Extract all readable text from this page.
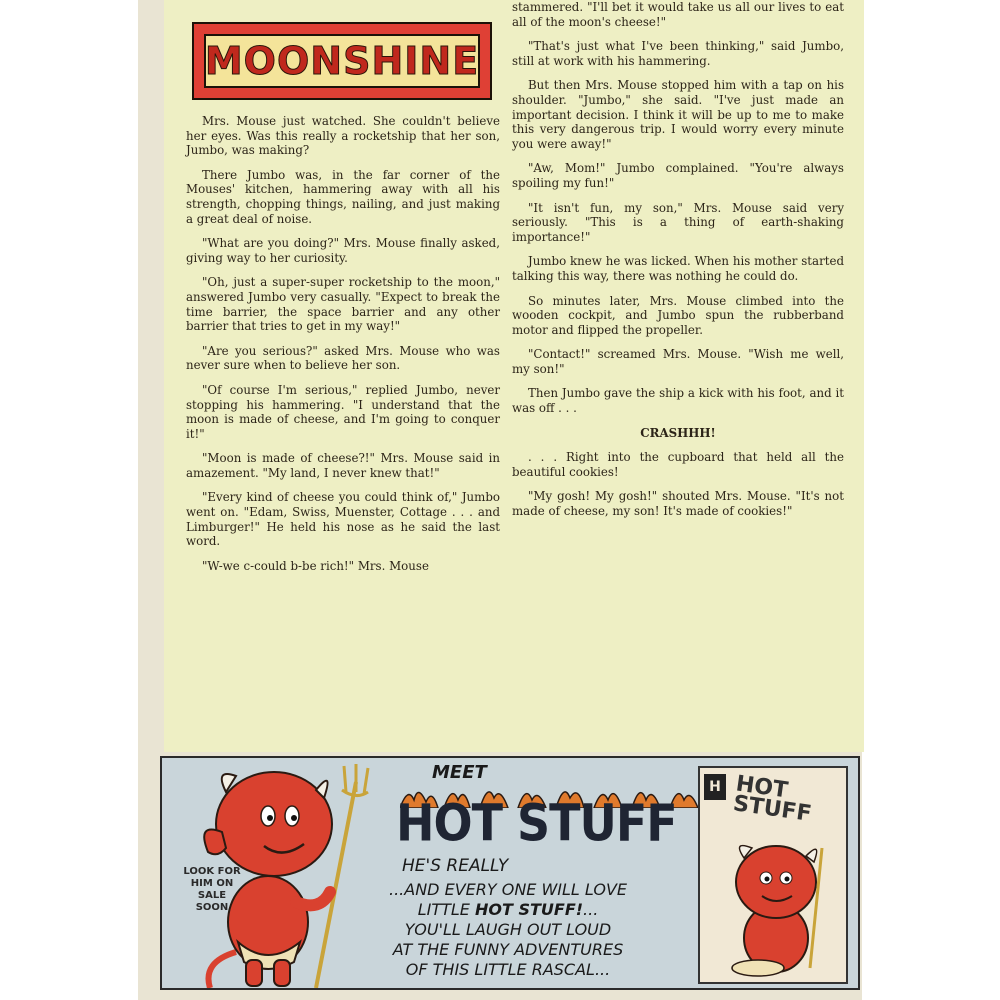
MOONSHINE

Mrs. Mouse just watched. She couldn't believe her eyes. Was this really a rocketship that her son, Jumbo, was making?

There Jumbo was, in the far corner of the Mouses' kitchen, hammering away with all his strength, chopping things, nailing, and just making a great deal of noise.

"What are you doing?" Mrs. Mouse finally asked, giving way to her curiosity.

"Oh, just a super-super rocketship to the moon," answered Jumbo very casually. "Expect to break the time barrier, the space barrier and any other barrier that tries to get in my way!"

"Are you serious?" asked Mrs. Mouse who was never sure when to believe her son.

"Of course I'm serious," replied Jumbo, never stopping his hammering. "I understand that the moon is made of cheese, and I'm going to conquer it!"

"Moon is made of cheese?!" Mrs. Mouse said in amazement. "My land, I never knew that!"

"Every kind of cheese you could think of," Jumbo went on. "Edam, Swiss, Muenster, Cottage . . . and Limburger!" He held his nose as he said the last word.

"W-we c-could b-be rich!" Mrs. Mouse

stammered. "I'll bet it would take us all our lives to eat all of the moon's cheese!"

"That's just what I've been thinking," said Jumbo, still at work with his hammering.

But then Mrs. Mouse stopped him with a tap on his shoulder. "Jumbo," she said. "I've just made an important decision. I think it will be up to me to make this very dangerous trip. I would worry every minute you were away!"

"Aw, Mom!" Jumbo complained. "You're always spoiling my fun!"

"It isn't fun, my son," Mrs. Mouse said very seriously. "This is a thing of earth-shaking importance!"

Jumbo knew he was licked. When his mother started talking this way, there was nothing he could do.

So minutes later, Mrs. Mouse climbed into the wooden cockpit, and Jumbo spun the rubberband motor and flipped the propeller.

"Contact!" screamed Mrs. Mouse. "Wish me well, my son!"

Then Jumbo gave the ship a kick with his foot, and it was off . . .

CRASHHH!

. . . Right into the cupboard that held all the beautiful cookies!

"My gosh! My gosh!" shouted Mrs. Mouse. "It's not made of cheese, my son! It's made of cookies!"

MEET
HOT STUFF
HE'S REALLY
...AND EVERY ONE WILL LOVE
LITTLE HOT STUFF!...
YOU'LL LAUGH OUT LOUD
AT THE FUNNY ADVENTURES
OF THIS LITTLE RASCAL...
LOOK FOR HIM ON SALE SOON
H HOT STUFF
